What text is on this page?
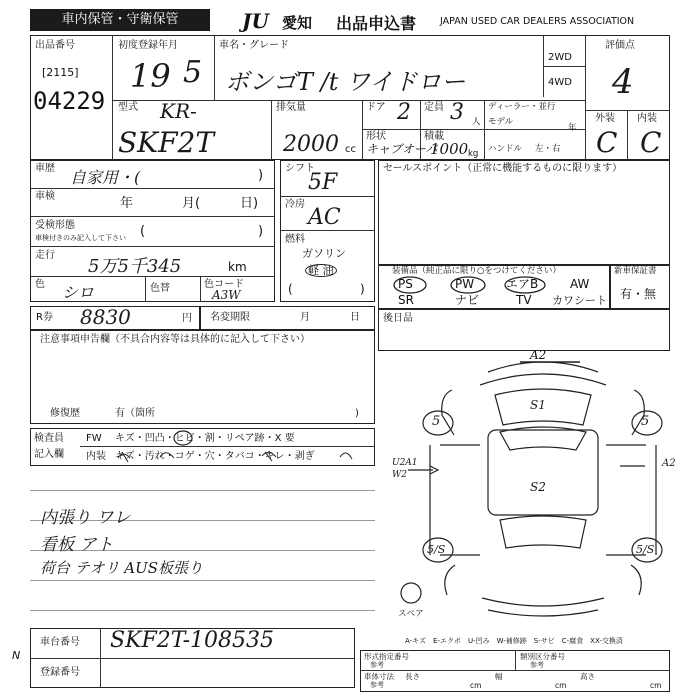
車内保管・守衛保管	JU 愛知 出品申込書	JAPAN USED CAR DEALERS ASSOCIATION
出品番号
[2115]
04229
初度登録年月
19 5
車名・グレード
ボンゴT /t ワイドロー
2WD
4WD
評価点
4
型式 KR-
SKF2T
排気量
2000 cc
ドア 2 定員 3 人
ディーラー・並行
モデル
年
形状
キャブオーバ
積載
1000 kg ハンドル 左・右
外装
C
内装
C
車歴 自家用・(	)
車検	年	月(	日)
受検形態
車検付きのみ記入して下さい (	)
走行
5万5千345	km
色 シロ	色替	色コード
A3W
シフト
5F
冷房
AC
燃料
ガソリン
軽 油
(	)
セールスポイント（正常に機能するものに限ります）
装備品（純正品に限り○をつけてください）
PS	PW	エアB	AW
SR	ナビ	TV カワシート
新車保証書
有・無
R券 8830	円 名変期限	月	日
注意事項申告欄（不具合内容等は具体的に記入して下さい）
修復歴	有（箇所	)
検査員
記入欄
FW キズ・凹凸・ヒビ・割・リペア跡・X 要
内装 キズ・汚れ・コゲ・穴・タバコ・キレ・剥ぎ
内張り ワレ
看板 アト
荷台 テオリ AUS板張り
後日品
A2
S1
S2
U2A1
W2
A2
5	5
5/S	5/S
スペア
A-キズ　E-エクボ　U-凹み　W-補修跡　S-サビ　C-腐食　XX-交換済
N
車台番号 SKF2T-108535
登録番号
形式指定番号
参考
類別区分番号
参考
車体寸法
参考
長さ
cm
幅
cm
高さ
cm
